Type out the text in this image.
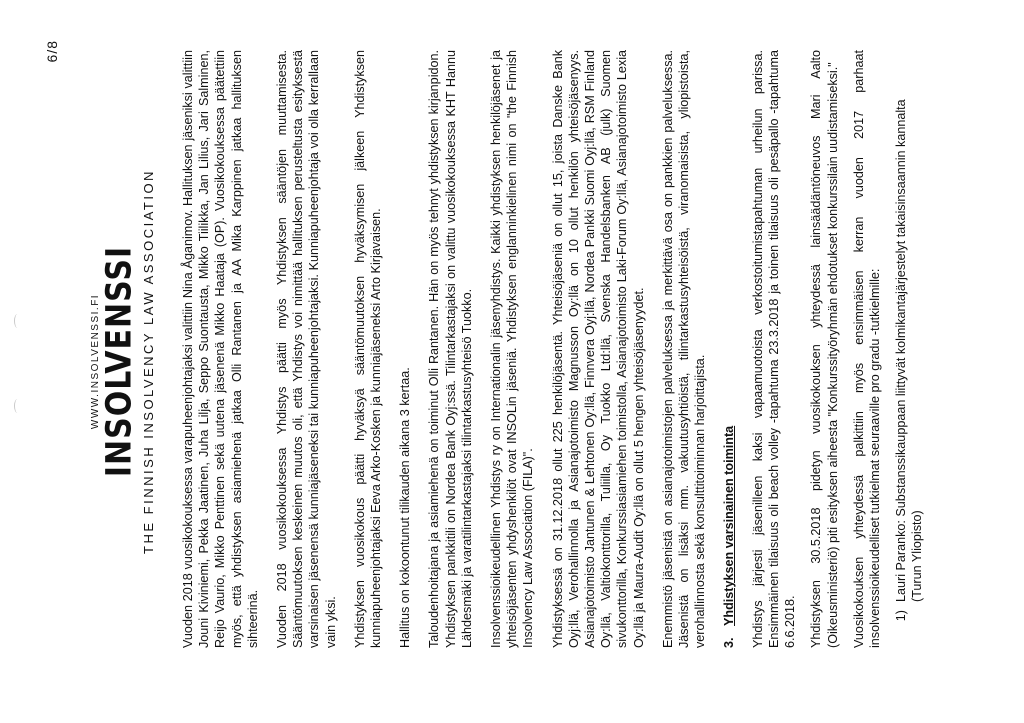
6/8
WWW.INSOLVENSSI.FI
INSOLVENSSI THE FINNISH INSOLVENCY LAW ASSOCIATION Vuoden 2018 vuosikokouksessa varapuheenjohtajaksi valittiin Nina Åganimov. Hallituksen jäseniksi valittiin Jouni Kiviniemi, Pekka Jaatinen, Juha Lilja, Seppo Suontausta, Mikko Tiilikka, Jan Lilius, Jari Salminen, Reijo Vaurio, Mikko Penttinen sekä uutena jäsenenä Mikko Haataja (OP). Vuosikokouksessa päätettiin myös, että yhdistyksen asiamiehenä jatkaa Olli Rantanen ja AA Mika Karppinen jatkaa hallituksen sihteerinä. Vuoden 2018 vuosikokouksessa Yhdistys päätti myös Yhdistyksen sääntöjen muuttamisesta. Sääntömuutoksen keskeinen muutos oli, että Yhdistys voi nimittää hallituksen perusteltusta esityksestä varsinaisen jäsenensä kunniajäseneksi tai kunniapuheenjohtajaksi. Kunniapuheenjohtaja voi olla kerrallaan vain yksi. Yhdistyksen vuosikokous päätti hyväksyä sääntömuutoksen hyväksymisen jälkeen Yhdistyksen kunniapuheenjohtajaksi Eeva Arko-Kosken ja kunniajäseneksi Arto Kirjavaisen. Hallitus on kokoontunut tilikauden aikana 3 kertaa. Taloudenhoitajana ja asiamiehenä on toiminut Olli Rantanen. Hän on myös tehnyt yhdistyksen kirjanpidon. Yhdistyksen pankkitili on Nordea Bank Oyj:ssä. Tilintarkastajaksi on valittu vuosikokouksessa KHT Hannu Lähdesmäki ja varatilintarkastajaksi tilintarkastusyhteisö Tuokko. Insolvenssioikeudellinen Yhdistys ry on Internationalin jäsenyhdistys. Kaikki yhdistyksen henkilöjäsenet ja yhteisöjäsenten yhdyshenkilöt ovat INSOLin jäseniä. Yhdistyksen englanninkielinen nimi on "the Finnish Insolvency Law Association (FILA)". Yhdistyksessä on 31.12.2018 ollut 225 henkilöjäsentä. Yhteisöjäseniä on ollut 15, joista Danske Bank Oyj:llä, Verohallinnolla ja Asianajotoimisto Magnusson Oy:llä on 10 ollut henkilön yhteisöjäsenyys. Asianajotoimisto Jantunen & Lehtonen Oy:llä, Finnvera Oyj:llä, Nordea Pankki Suomi Oyj:llä, RSM Finland Oy:llä, Valtiokonttorilla, Tuliilla, Oy Tuokko Ltd:llä, Svenska Handelsbanken AB (julk) Suomen sivukonttorilla, Konkurssiasiamiehen toimistolla, Asianajotoimisto Laki-Forum Oy:llä, Asianajotoimisto Lexia Oy:llä ja Maura-Audit Oy:llä on ollut 5 hengen yhteisöjäsenyydet. Enemmistö jäsenistä on asianajotoimistojen palveluksessa ja merkittävä osa on pankkien palveluksessa. Jäsenistä on lisäksi mm. vakuutusyhtiöistä, tilintarkastusyhteisöistä, viranomaisista, yliopistoista, verohallinnosta sekä konsulttitoiminnan harjoittajista. 3.
Yhdistyksen varsinainen toiminta Yhdistys järjesti jäsenilleen kaksi vapaamuotoista verkostoitumistapahtuman urheilun parissa. Ensimmäinen tilaisuus oli beach volley -tapahtuma 23.3.2018 ja toinen tilaisuus oli pesäpallo -tapahtuma 6.6.2018. Yhdistyksen 30.5.2018 pidetyn vuosikokouksen yhteydessä lainsäädäntöneuvos Mari Aalto (Oikeusministeriö) piti esityksen aiheesta "Konkurssityöryhmän ehdotukset konkurssilain uudistamiseksi." Vuosikokouksen yhteydessä palkittiin myös ensimmäisen kerran vuoden 2017 parhaat insolvenssioikeudelliset tutkielmat seuraaville pro gradu -tutkielmille: 1)
Lauri Paranko: Substanssikauppaan liittyvät kolmikantajärjestelyt takaisinsaannin kannalta (Turun Yliopisto)
